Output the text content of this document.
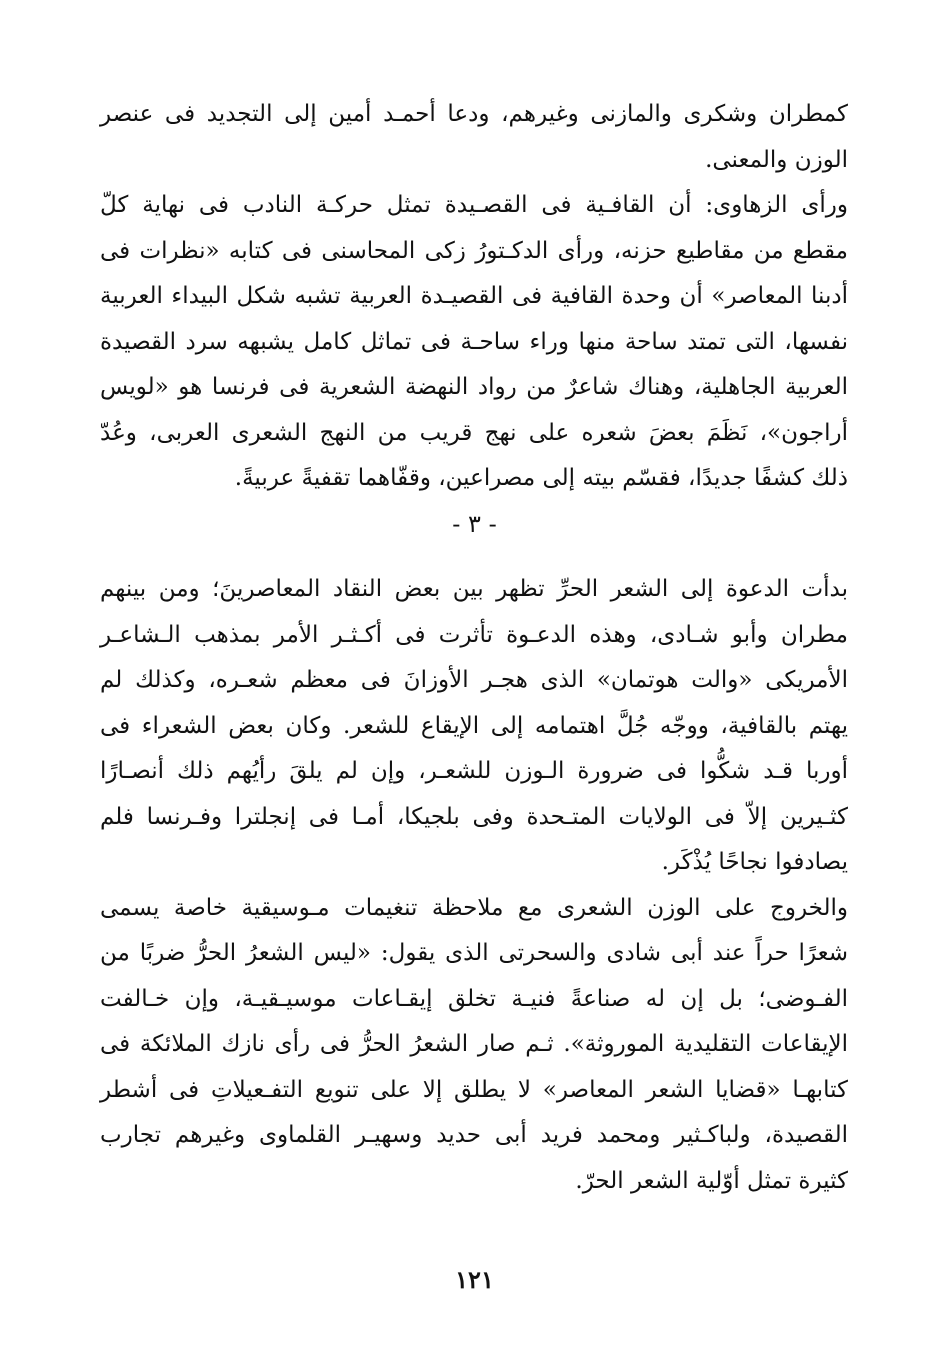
كمطران وشكرى والمازنى وغيرهم، ودعا أحمـد أمين إلى التجديد فى عنصر
الوزن والمعنى.
ورأى الزهاوى: أن القافـية فى القصـيدة تمثل حركـة النادب فى نهاية كلّ
مقطع من مقاطيع حزنه، ورأى الدكـتورُ زكى المحاسنى فى كتابه «نظرات فى
أدبنا المعاصر» أن وحدة القافية فى القصيـدة العربية تشبه شكل البيداء العربية
نفسها، التى تمتد ساحة منها وراء ساحـة فى تماثل كامل يشبهه سرد القصيدة
العربية الجاهلية، وهناك شاعرٌ من رواد النهضة الشعرية فى فرنسا هو «لويس
أراجون»، نَظَمَ بعضَ شعره على نهج قريب من النهج الشعرى العربى، وعُدّ
ذلك كشفًا جديدًا، فقسّم بيته إلى مصراعين، وقفّاهما تقفيةً عربيةً.
- ٣ -
بدأت الدعوة إلى الشعر الحرِّ تظهر بين بعض النقاد المعاصرينَ؛ ومن بينهم
مطران وأبو شـادى، وهذه الدعـوة تأثرت فى أكـثـر الأمر بمذهب الـشاعـر
الأمريكى «والت هوتمان» الذى هجـر الأوزانَ فى معظم شعـره، وكذلك لم
يهتم بالقافية، ووجّه جُلَّ اهتمامه إلى الإيقاع للشعر. وكان بعض الشعراء فى
أوربا قـد شكُّوا فى ضرورة الـوزن للشعـر، وإن لم يلقَ رأيُهم ذلك أنصـارًا
كثـيرين إلاّ فى الولايات المتـحدة وفى بلجيكا، أمـا فى إنجلترا وفـرنسا فلم
يصادفوا نجاحًا يُذْكَر.
والخروج على الوزن الشعرى مع ملاحظة تنغيمات مـوسيقية خاصة يسمى
شعرًا حراً عند أبى شادى والسحرتى الذى يقول: «ليس الشعرُ الحرُّ ضربًا من
الفـوضى؛ بل إن له صناعةً فنيـة تخلق إيقـاعات موسيـقيـة، وإن خـالفت
الإيقاعات التقليدية الموروثة». ثـم صار الشعرُ الحرُّ فى رأى نازك الملائكة فى
كتابهـا «قضايا الشعر المعاصر» لا يطلق إلا على تنويع التفـعيلاتِ فى أشطر
القصيدة، ولباكـثير ومحمد فريد أبى حديد وسهيـر القلماوى وغيرهم تجارب
كثيرة تمثل أوّلية الشعر الحرّ.
١٢١
